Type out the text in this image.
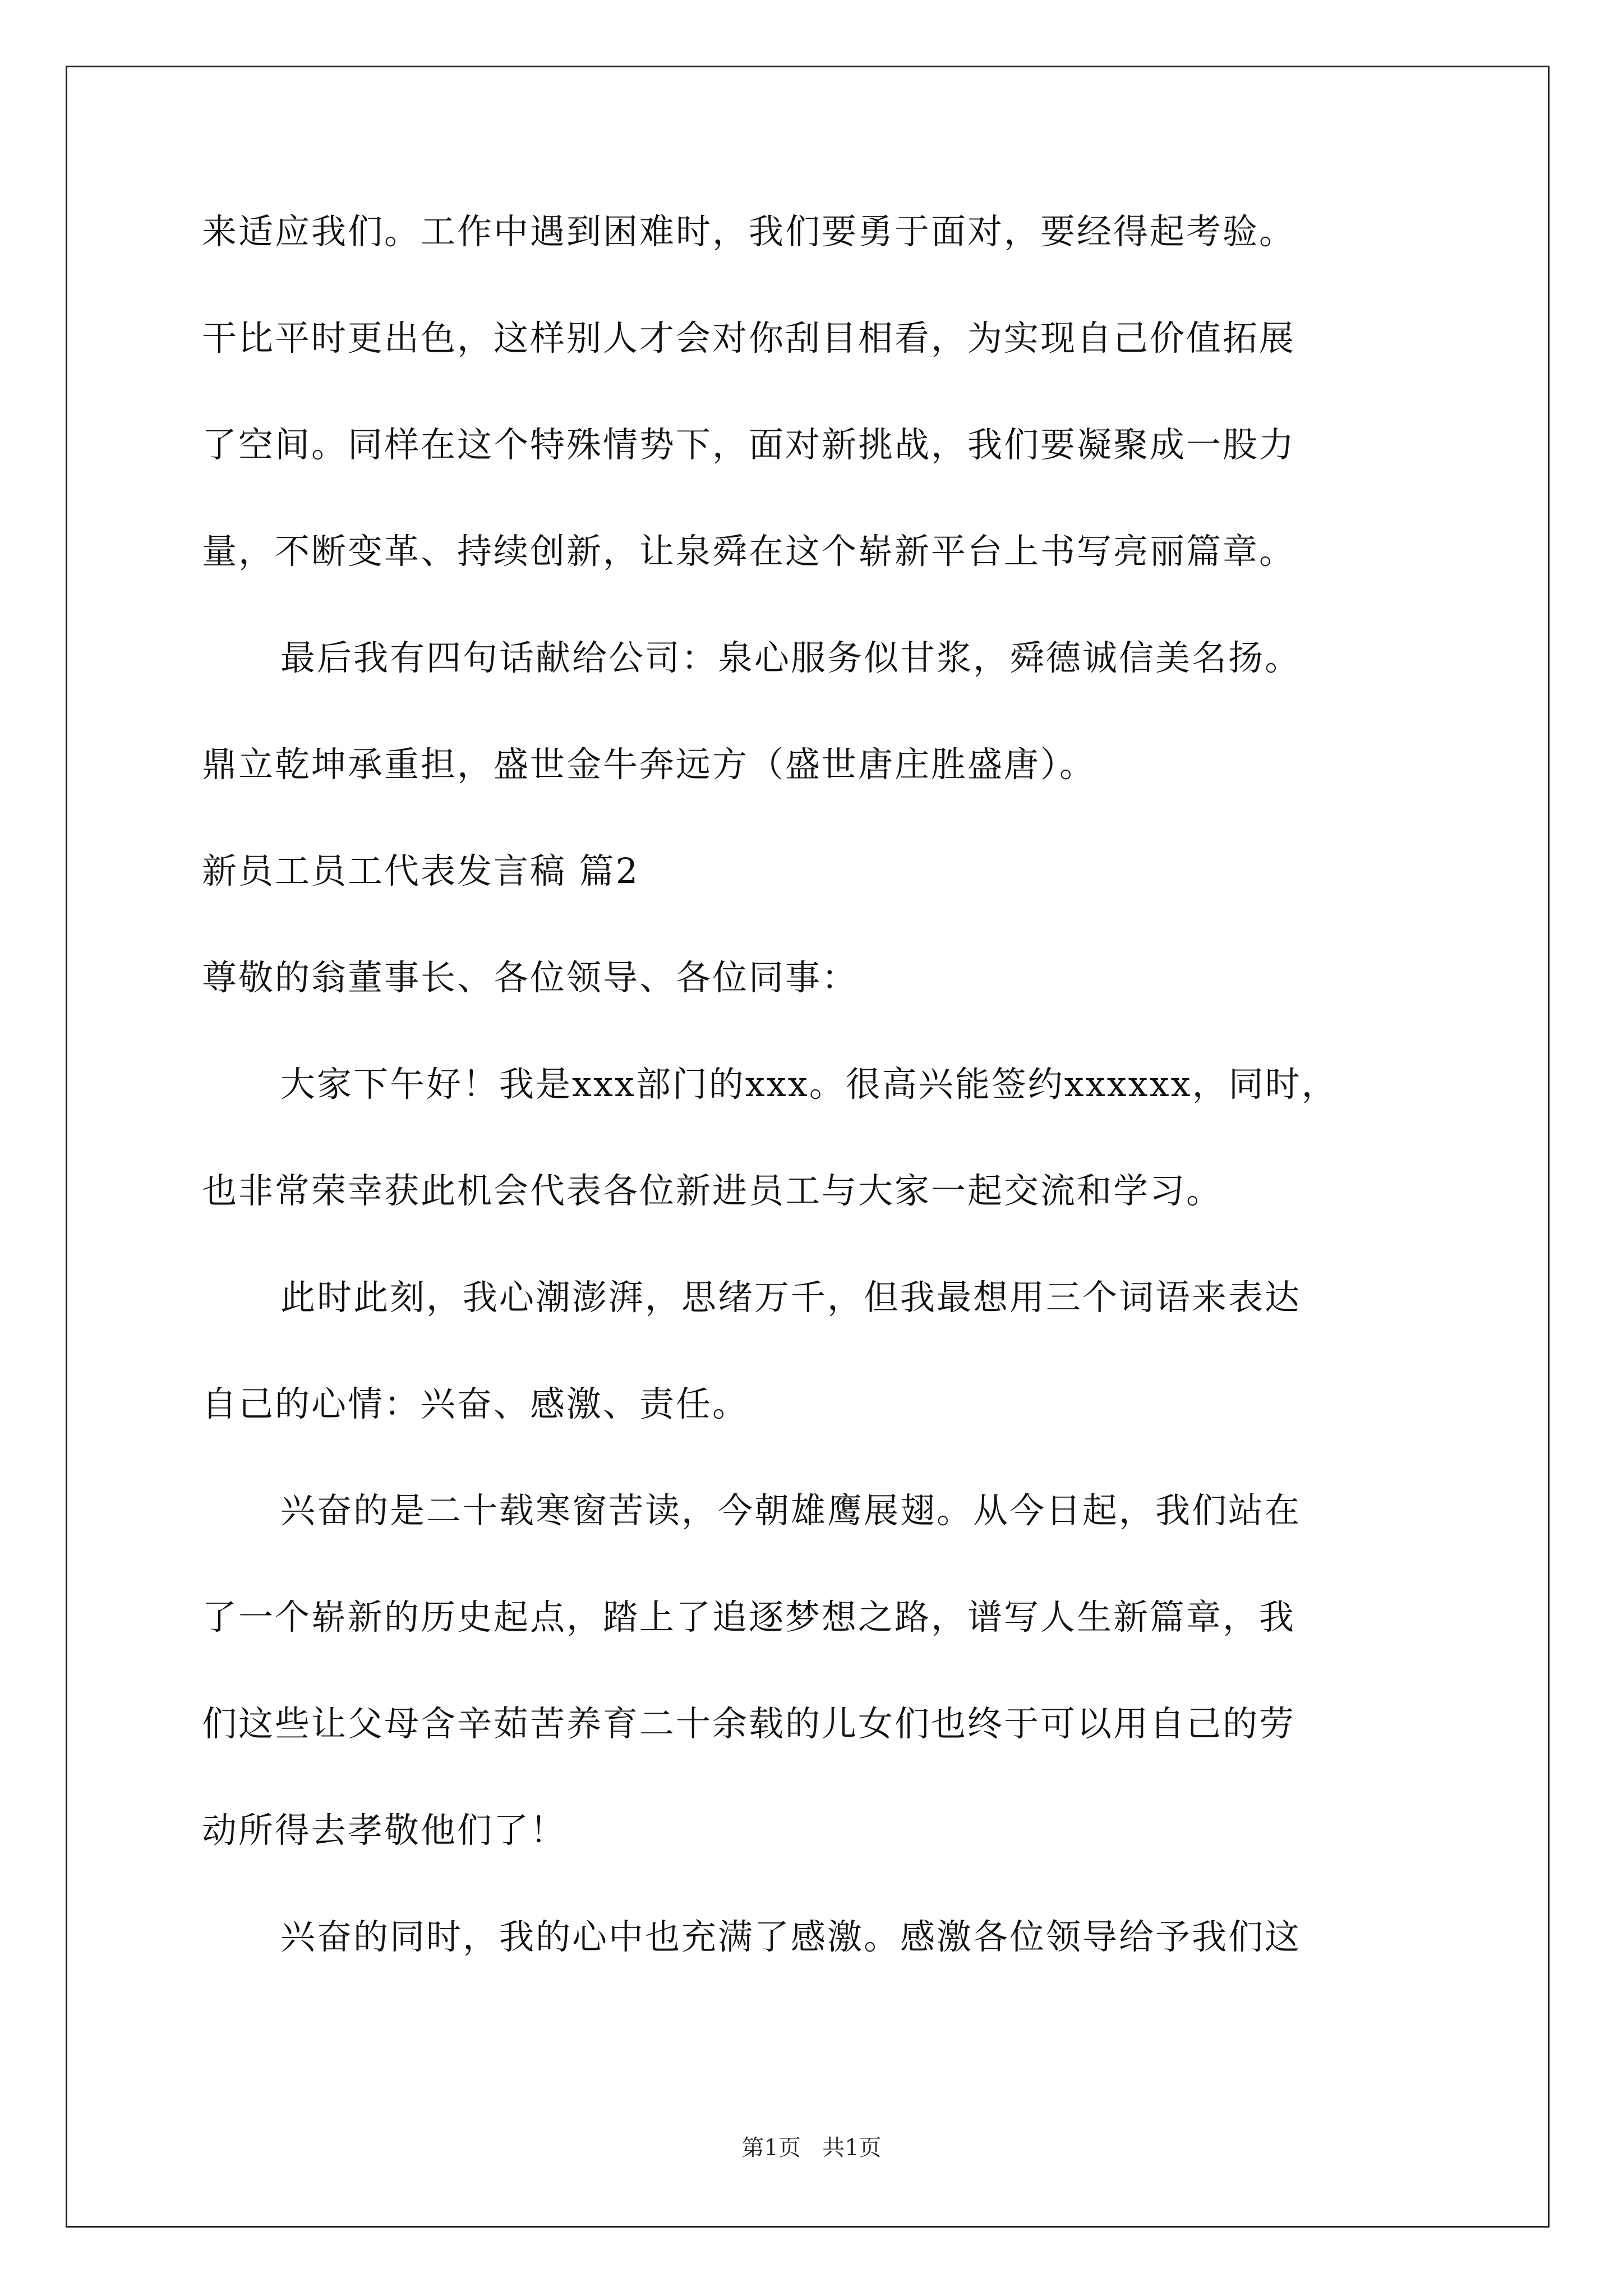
来适应我们。工作中遇到困难时，我们要勇于面对，要经得起考验。
干比平时更出色，这样别人才会对你刮目相看，为实现自己价值拓展
了空间。同样在这个特殊情势下，面对新挑战，我们要凝聚成一股力
量，不断变革、持续创新，让泉舜在这个崭新平台上书写亮丽篇章。
最后我有四句话献给公司：泉心服务似甘浆，舜德诚信美名扬。
鼎立乾坤承重担，盛世金牛奔远方（盛世唐庄胜盛唐）。
新员工员工代表发言稿 篇2
尊敬的翁董事长、各位领导、各位同事：
大家下午好！我是xxx部门的xxx。很高兴能签约xxxxxx，同时，
也非常荣幸获此机会代表各位新进员工与大家一起交流和学习。
此时此刻，我心潮澎湃，思绪万千，但我最想用三个词语来表达
自己的心情：兴奋、感激、责任。
兴奋的是二十载寒窗苦读，今朝雄鹰展翅。从今日起，我们站在
了一个崭新的历史起点，踏上了追逐梦想之路，谱写人生新篇章，我
们这些让父母含辛茹苦养育二十余载的儿女们也终于可以用自己的劳
动所得去孝敬他们了！
兴奋的同时，我的心中也充满了感激。感激各位领导给予我们这
第1页 共1页
